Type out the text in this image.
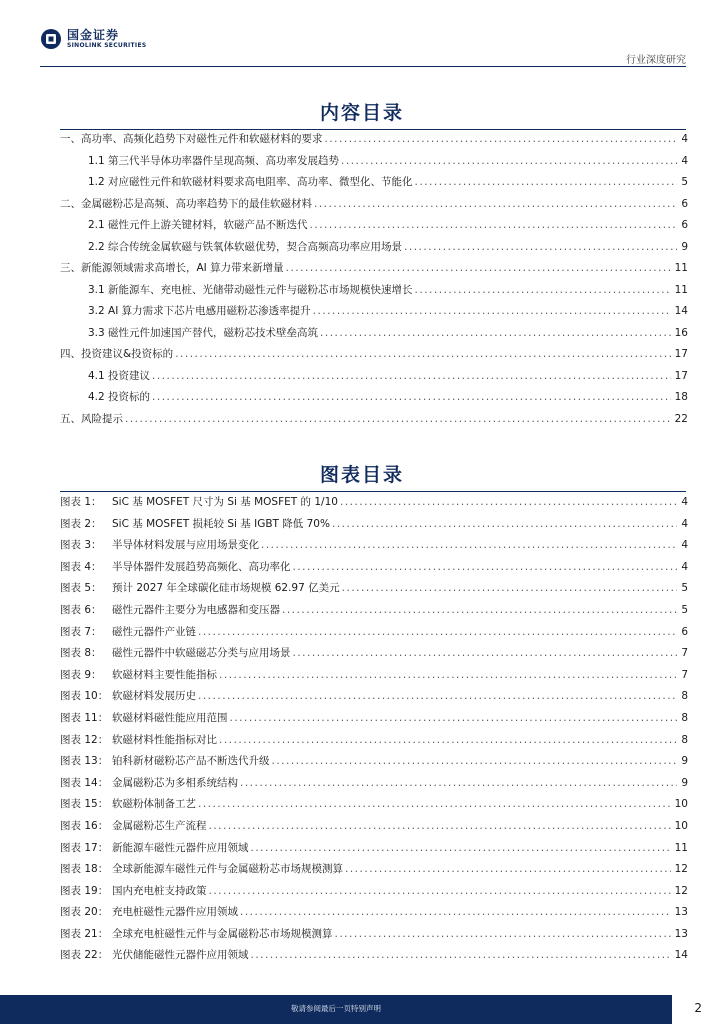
国金证券
SINOLINK SECURITIES
行业深度研究
内容目录
一、高功率、高频化趋势下对磁性元件和软磁材料的要求 .....	4
1.1 第三代半导体功率器件呈现高频、高功率发展趋势 .....	4
1.2 对应磁性元件和软磁材料要求高电阻率、高功率、微型化、节能化 .....	5
二、金属磁粉芯是高频、高功率趋势下的最佳软磁材料 .....	6
2.1 磁性元件上游关键材料，软磁产品不断迭代 .....	6
2.2 综合传统金属软磁与铁氧体软磁优势，契合高频高功率应用场景 .....	9
三、新能源领域需求高增长，AI 算力带来新增量 .....	11
3.1 新能源车、充电桩、光储带动磁性元件与磁粉芯市场规模快速增长 .....	11
3.2 AI 算力需求下芯片电感用磁粉芯渗透率提升 .....	14
3.3 磁性元件加速国产替代，磁粉芯技术壁垒高筑 .....	16
四、投资建议&投资标的 .....	17
4.1 投资建议 .....	17
4.2 投资标的 .....	18
五、风险提示 .....	22
图表目录
图表 1： SiC 基 MOSFET 尺寸为 Si 基 MOSFET 的 1/10 .....	4
图表 2： SiC 基 MOSFET 损耗较 Si 基 IGBT 降低 70% .....	4
图表 3： 半导体材料发展与应用场景变化 .....	4
图表 4： 半导体器件发展趋势高频化、高功率化 .....	4
图表 5： 预计 2027 年全球碳化硅市场规模 62.97 亿美元 .....	5
图表 6： 磁性元器件主要分为电感器和变压器 .....	5
图表 7： 磁性元器件产业链 .....	6
图表 8： 磁性元器件中软磁磁芯分类与应用场景 .....	7
图表 9： 软磁材料主要性能指标 .....	7
图表 10： 软磁材料发展历史 .....	8
图表 11： 软磁材料磁性能应用范围 .....	8
图表 12： 软磁材料性能指标对比 .....	8
图表 13： 铂科新材磁粉芯产品不断迭代升级 .....	9
图表 14： 金属磁粉芯为多相系统结构 .....	9
图表 15： 软磁粉体制备工艺 .....	10
图表 16： 金属磁粉芯生产流程 .....	10
图表 17： 新能源车磁性元器件应用领域 .....	11
图表 18： 全球新能源车磁性元件与金属磁粉芯市场规模测算 .....	12
图表 19： 国内充电桩支持政策 .....	12
图表 20： 充电桩磁性元器件应用领域 .....	13
图表 21： 全球充电桩磁性元件与金属磁粉芯市场规模测算 .....	13
图表 22： 光伏储能磁性元器件应用领域 .....	14
敬请参阅最后一页特别声明	2
